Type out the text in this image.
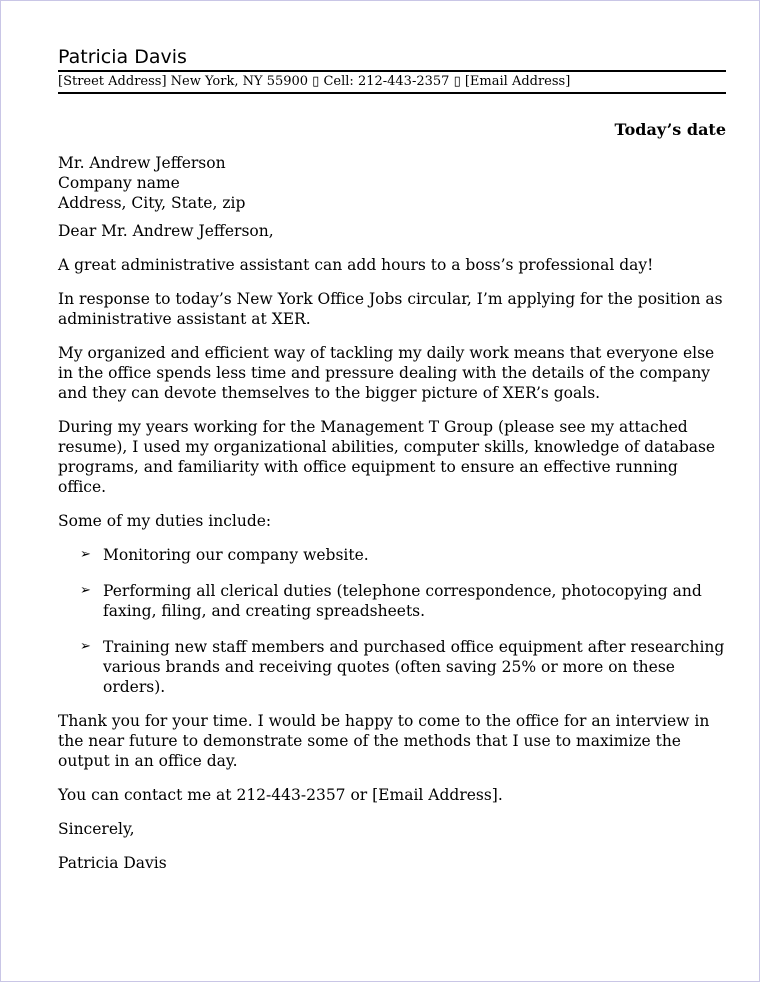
Patricia Davis
[Street Address] New York, NY 55900 ▯ Cell: 212-443-2357 ▯ [Email Address]
Today’s date
Mr. Andrew Jefferson
Company name
Address, City, State, zip
Dear Mr. Andrew Jefferson,
A great administrative assistant can add hours to a boss’s professional day!
In response to today’s New York Office Jobs circular, I’m applying for the position as administrative assistant at XER.
My organized and efficient way of tackling my daily work means that everyone else in the office spends less time and pressure dealing with the details of the company and they can devote themselves to the bigger picture of XER’s goals.
During my years working for the Management T Group (please see my attached resume), I used my organizational abilities, computer skills, knowledge of database programs, and familiarity with office equipment to ensure an effective running office.
Some of my duties include:
➢ Monitoring our company website.
➢ Performing all clerical duties (telephone correspondence, photocopying and faxing, filing, and creating spreadsheets.
➢ Training new staff members and purchased office equipment after researching various brands and receiving quotes (often saving 25% or more on these orders).
Thank you for your time. I would be happy to come to the office for an interview in the near future to demonstrate some of the methods that I use to maximize the output in an office day.
You can contact me at 212-443-2357 or [Email Address].
Sincerely,
Patricia Davis
